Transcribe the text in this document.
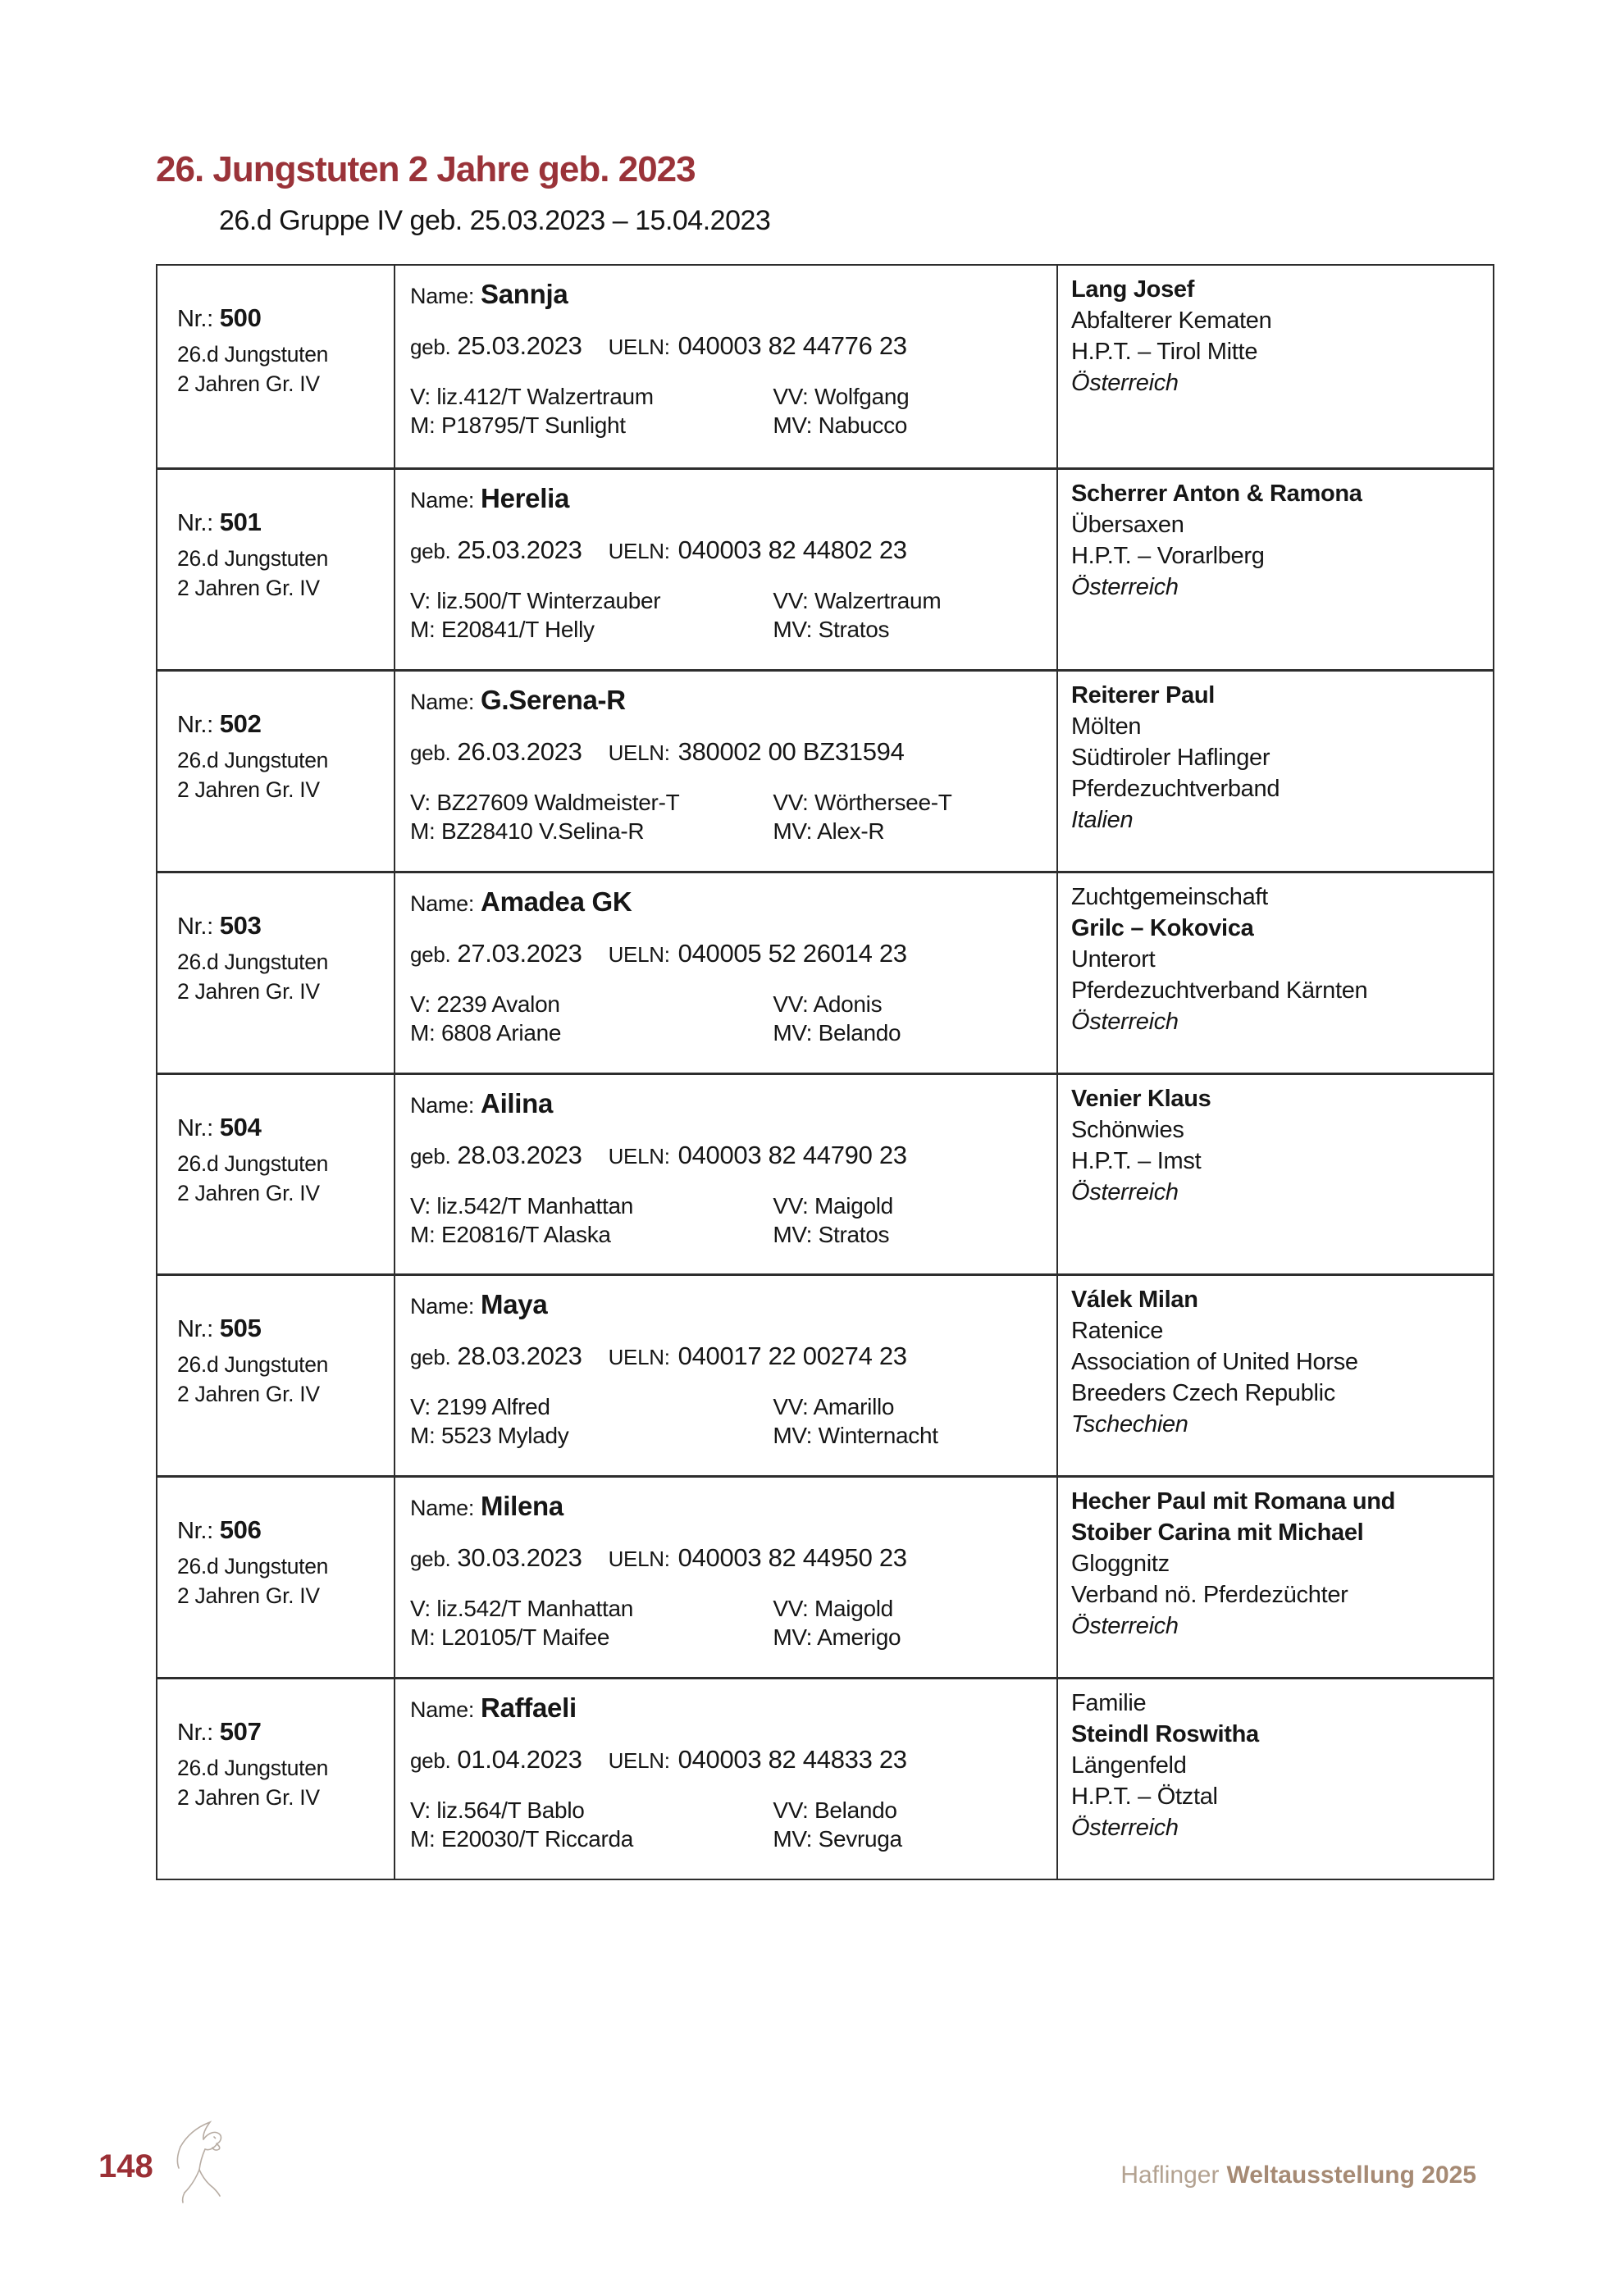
26. Jungstuten 2 Jahre geb. 2023
26.d Gruppe IV geb. 25.03.2023 – 15.04.2023
Nr.: 500
26.d Jungstuten
2 Jahren Gr. IV
Name: Sannja
geb. 25.03.2023 UELN: 040003 82 44776 23
V: liz.412/T Walzertraum
M: P18795/T Sunlight
VV: Wolfgang
MV: Nabucco
Lang Josef
Abfalterer Kematen
H.P.T. – Tirol Mitte
Österreich
Nr.: 501
26.d Jungstuten
2 Jahren Gr. IV
Name: Herelia
geb. 25.03.2023 UELN: 040003 82 44802 23
V: liz.500/T Winterzauber
M: E20841/T Helly
VV: Walzertraum
MV: Stratos
Scherrer Anton & Ramona
Übersaxen
H.P.T. – Vorarlberg
Österreich
Nr.: 502
26.d Jungstuten
2 Jahren Gr. IV
Name: G.Serena-R
geb. 26.03.2023 UELN: 380002 00 BZ31594
V: BZ27609 Waldmeister-T
M: BZ28410 V.Selina-R
VV: Wörthersee-T
MV: Alex-R
Reiterer Paul
Mölten
Südtiroler Haflinger
Pferdezuchtverband
Italien
Nr.: 503
26.d Jungstuten
2 Jahren Gr. IV
Name: Amadea GK
geb. 27.03.2023 UELN: 040005 52 26014 23
V: 2239 Avalon
M: 6808 Ariane
VV: Adonis
MV: Belando
Zuchtgemeinschaft
Grilc – Kokovica
Unterort
Pferdezuchtverband Kärnten
Österreich
Nr.: 504
26.d Jungstuten
2 Jahren Gr. IV
Name: Ailina
geb. 28.03.2023 UELN: 040003 82 44790 23
V: liz.542/T Manhattan
M: E20816/T Alaska
VV: Maigold
MV: Stratos
Venier Klaus
Schönwies
H.P.T. – Imst
Österreich
Nr.: 505
26.d Jungstuten
2 Jahren Gr. IV
Name: Maya
geb. 28.03.2023 UELN: 040017 22 00274 23
V: 2199 Alfred
M: 5523 Mylady
VV: Amarillo
MV: Winternacht
Válek Milan
Ratenice
Association of United Horse
Breeders Czech Republic
Tschechien
Nr.: 506
26.d Jungstuten
2 Jahren Gr. IV
Name: Milena
geb. 30.03.2023 UELN: 040003 82 44950 23
V: liz.542/T Manhattan
M: L20105/T Maifee
VV: Maigold
MV: Amerigo
Hecher Paul mit Romana und
Stoiber Carina mit Michael
Gloggnitz
Verband nö. Pferdezüchter
Österreich
Nr.: 507
26.d Jungstuten
2 Jahren Gr. IV
Name: Raffaeli
geb. 01.04.2023 UELN: 040003 82 44833 23
V: liz.564/T Bablo
M: E20030/T Riccarda
VV: Belando
MV: Sevruga
Familie
Steindl Roswitha
Längenfeld
H.P.T. – Ötztal
Österreich
148	Haflinger Weltausstellung 2025
